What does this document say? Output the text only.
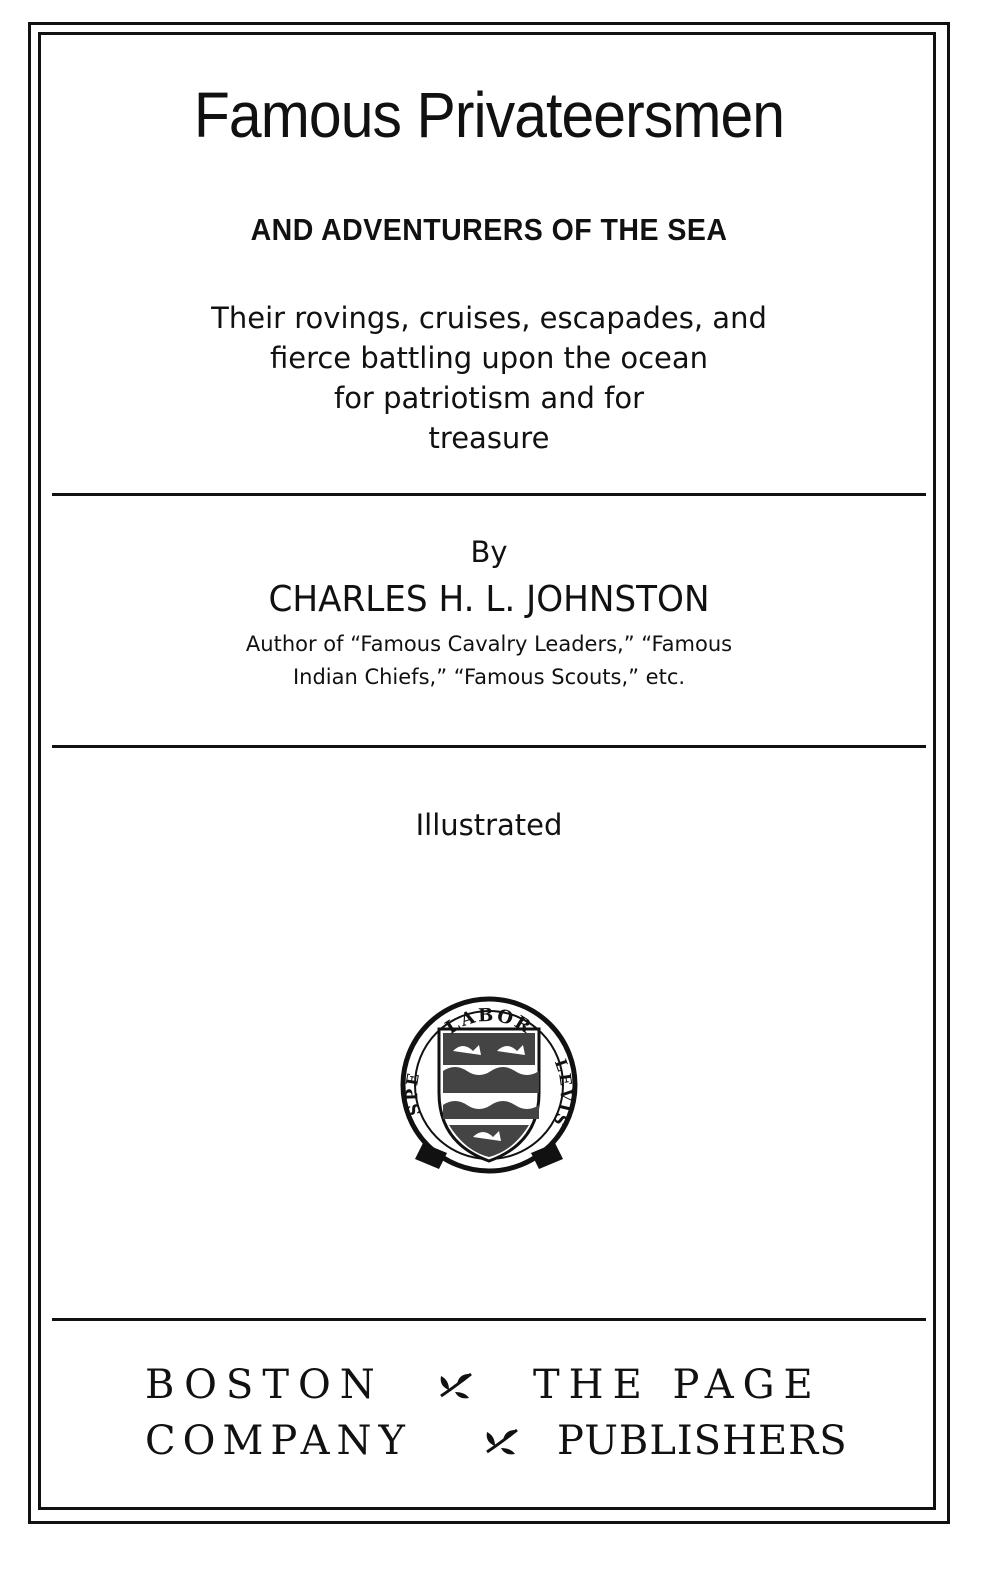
Famous Privateersmen
AND ADVENTURERS OF THE SEA
Their rovings, cruises, escapades, and
fierce battling upon the ocean
for patriotism and for
treasure
By
CHARLES H. L. JOHNSTON
Author of “Famous Cavalry Leaders,” “Famous
Indian Chiefs,” “Famous Scouts,” etc.
Illustrated
LABOR
SPE
LEVIS
BOSTON	THE PAGE
COMPANY	PUBLISHERS
